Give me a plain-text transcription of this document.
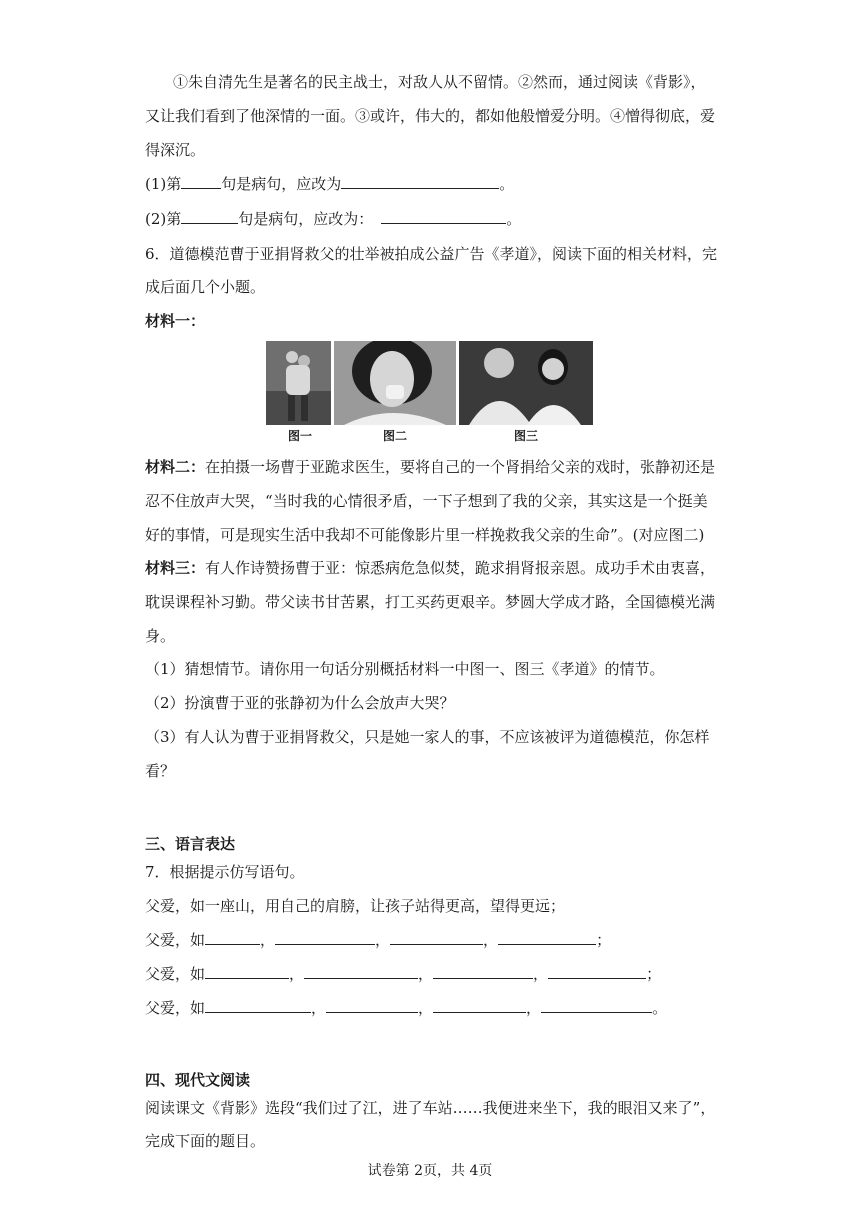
①朱自清先生是著名的民主战士，对敌人从不留情。②然而，通过阅读《背影》，
又让我们看到了他深情的一面。③或许，伟大的，都如他般憎爱分明。④憎得彻底，爱
得深沉。
(1)第	句是病句，应改为	。
(2)第	句是病句，应改为：	。
6．道德模范曹于亚捐肾救父的壮举被拍成公益广告《孝道》，阅读下面的相关材料，完
成后面几个小题。
材料一：
图一	图二	图三
材料二：在拍摄一场曹于亚跪求医生，要将自己的一个肾捐给父亲的戏时，张静初还是
忍不住放声大哭，“当时我的心情很矛盾，一下子想到了我的父亲，其实这是一个挺美
好的事情，可是现实生活中我却不可能像影片里一样挽救我父亲的生命”。(对应图二)
材料三：有人作诗赞扬曹于亚：惊悉病危急似焚，跪求捐肾报亲恩。成功手术由衷喜，
耽误课程补习勤。带父读书甘苦累，打工买药更艰辛。梦圆大学成才路，全国德模光满
身。
（1）猜想情节。请你用一句话分别概括材料一中图一、图三《孝道》的情节。
（2）扮演曹于亚的张静初为什么会放声大哭？
（3）有人认为曹于亚捐肾救父，只是她一家人的事，不应该被评为道德模范，你怎样
看？
三、语言表达
7．根据提示仿写语句。
父爱，如一座山，用自己的肩膀，让孩子站得更高，望得更远；
父爱，如	，	，	，	；
父爱，如	，	，	，	；
父爱，如	，	，	，	。
四、现代文阅读
阅读课文《背影》选段“我们过了江，进了车站……我便进来坐下，我的眼泪又来了”，
完成下面的题目。
试卷第 2页，共 4页
